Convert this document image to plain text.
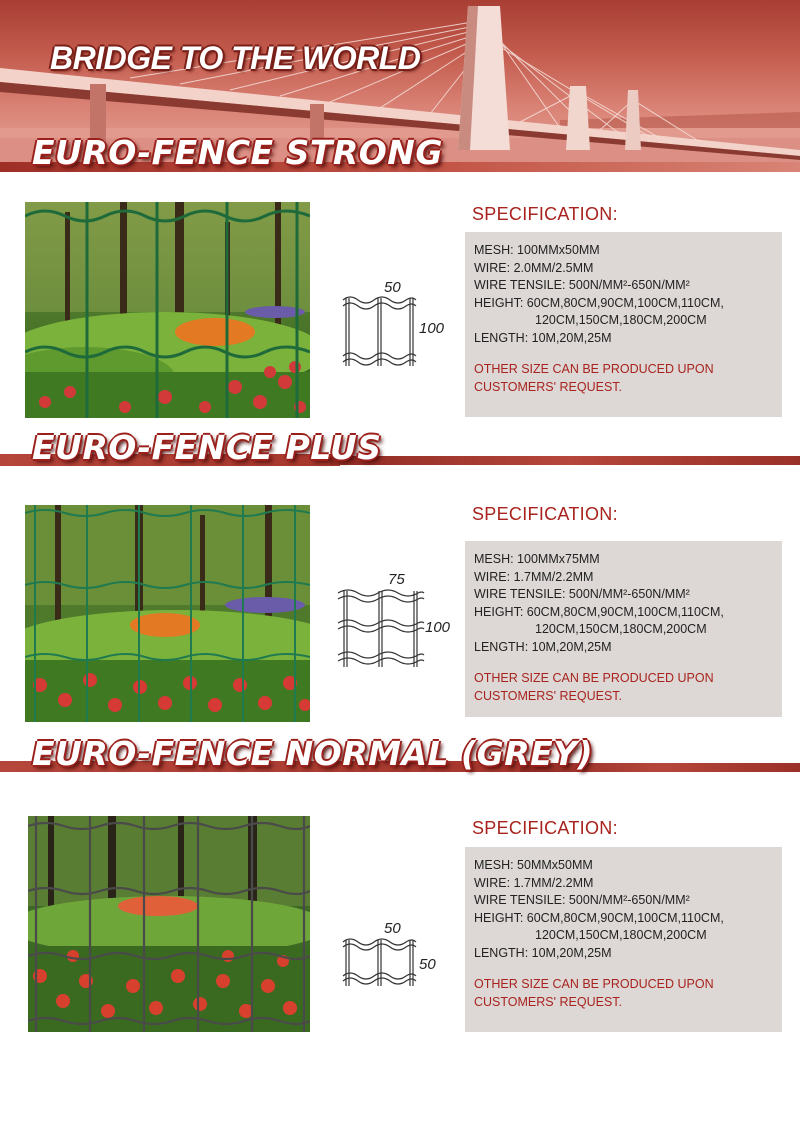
BRIDGE TO THE WORLD
EURO-FENCE STRONG
50
100
SPECIFICATION:
MESH: 100MMx50MM
WIRE: 2.0MM/2.5MM
WIRE TENSILE: 500N/MM²-650N/MM²
HEIGHT: 60CM,80CM,90CM,100CM,110CM,
120CM,150CM,180CM,200CM
LENGTH: 10M,20M,25M
OTHER SIZE CAN BE PRODUCED UPON CUSTOMERS' REQUEST.
EURO-FENCE PLUS
75
100
SPECIFICATION:
MESH: 100MMx75MM
WIRE: 1.7MM/2.2MM
WIRE TENSILE: 500N/MM²-650N/MM²
HEIGHT: 60CM,80CM,90CM,100CM,110CM,
120CM,150CM,180CM,200CM
LENGTH: 10M,20M,25M
OTHER SIZE CAN BE PRODUCED UPON CUSTOMERS' REQUEST.
EURO-FENCE NORMAL (GREY)
50
50
SPECIFICATION:
MESH: 50MMx50MM
WIRE: 1.7MM/2.2MM
WIRE TENSILE: 500N/MM²-650N/MM²
HEIGHT: 60CM,80CM,90CM,100CM,110CM,
120CM,150CM,180CM,200CM
LENGTH: 10M,20M,25M
OTHER SIZE CAN BE PRODUCED UPON CUSTOMERS' REQUEST.
